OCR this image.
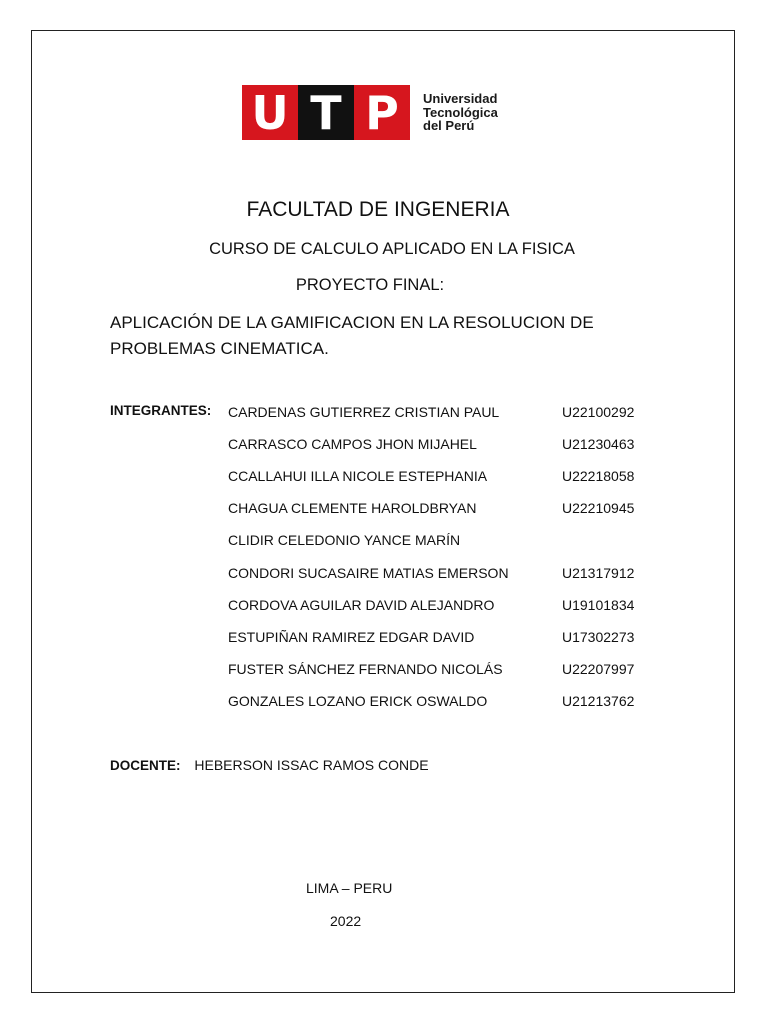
U T P	Universidad
Tecnológica
del Perú
FACULTAD DE INGENERIA
CURSO DE CALCULO APLICADO EN LA FISICA
PROYECTO FINAL:
APLICACIÓN DE LA GAMIFICACION EN LA RESOLUCION DE
PROBLEMAS CINEMATICA.
INTEGRANTES: CARDENAS GUTIERREZ CRISTIAN PAUL	U22100292
CARRASCO CAMPOS JHON MIJAHEL	U21230463
CCALLAHUI ILLA NICOLE ESTEPHANIA	U22218058
CHAGUA CLEMENTE HAROLDBRYAN	U22210945
CLIDIR CELEDONIO YANCE MARÍN
CONDORI SUCASAIRE MATIAS EMERSON	U21317912
CORDOVA AGUILAR DAVID ALEJANDRO	U19101834
ESTUPIÑAN RAMIREZ EDGAR DAVID	U17302273
FUSTER SÁNCHEZ FERNANDO NICOLÁS	U22207997
GONZALES LOZANO ERICK OSWALDO	U21213762
DOCENTE: HEBERSON ISSAC RAMOS CONDE
LIMA – PERU
2022
